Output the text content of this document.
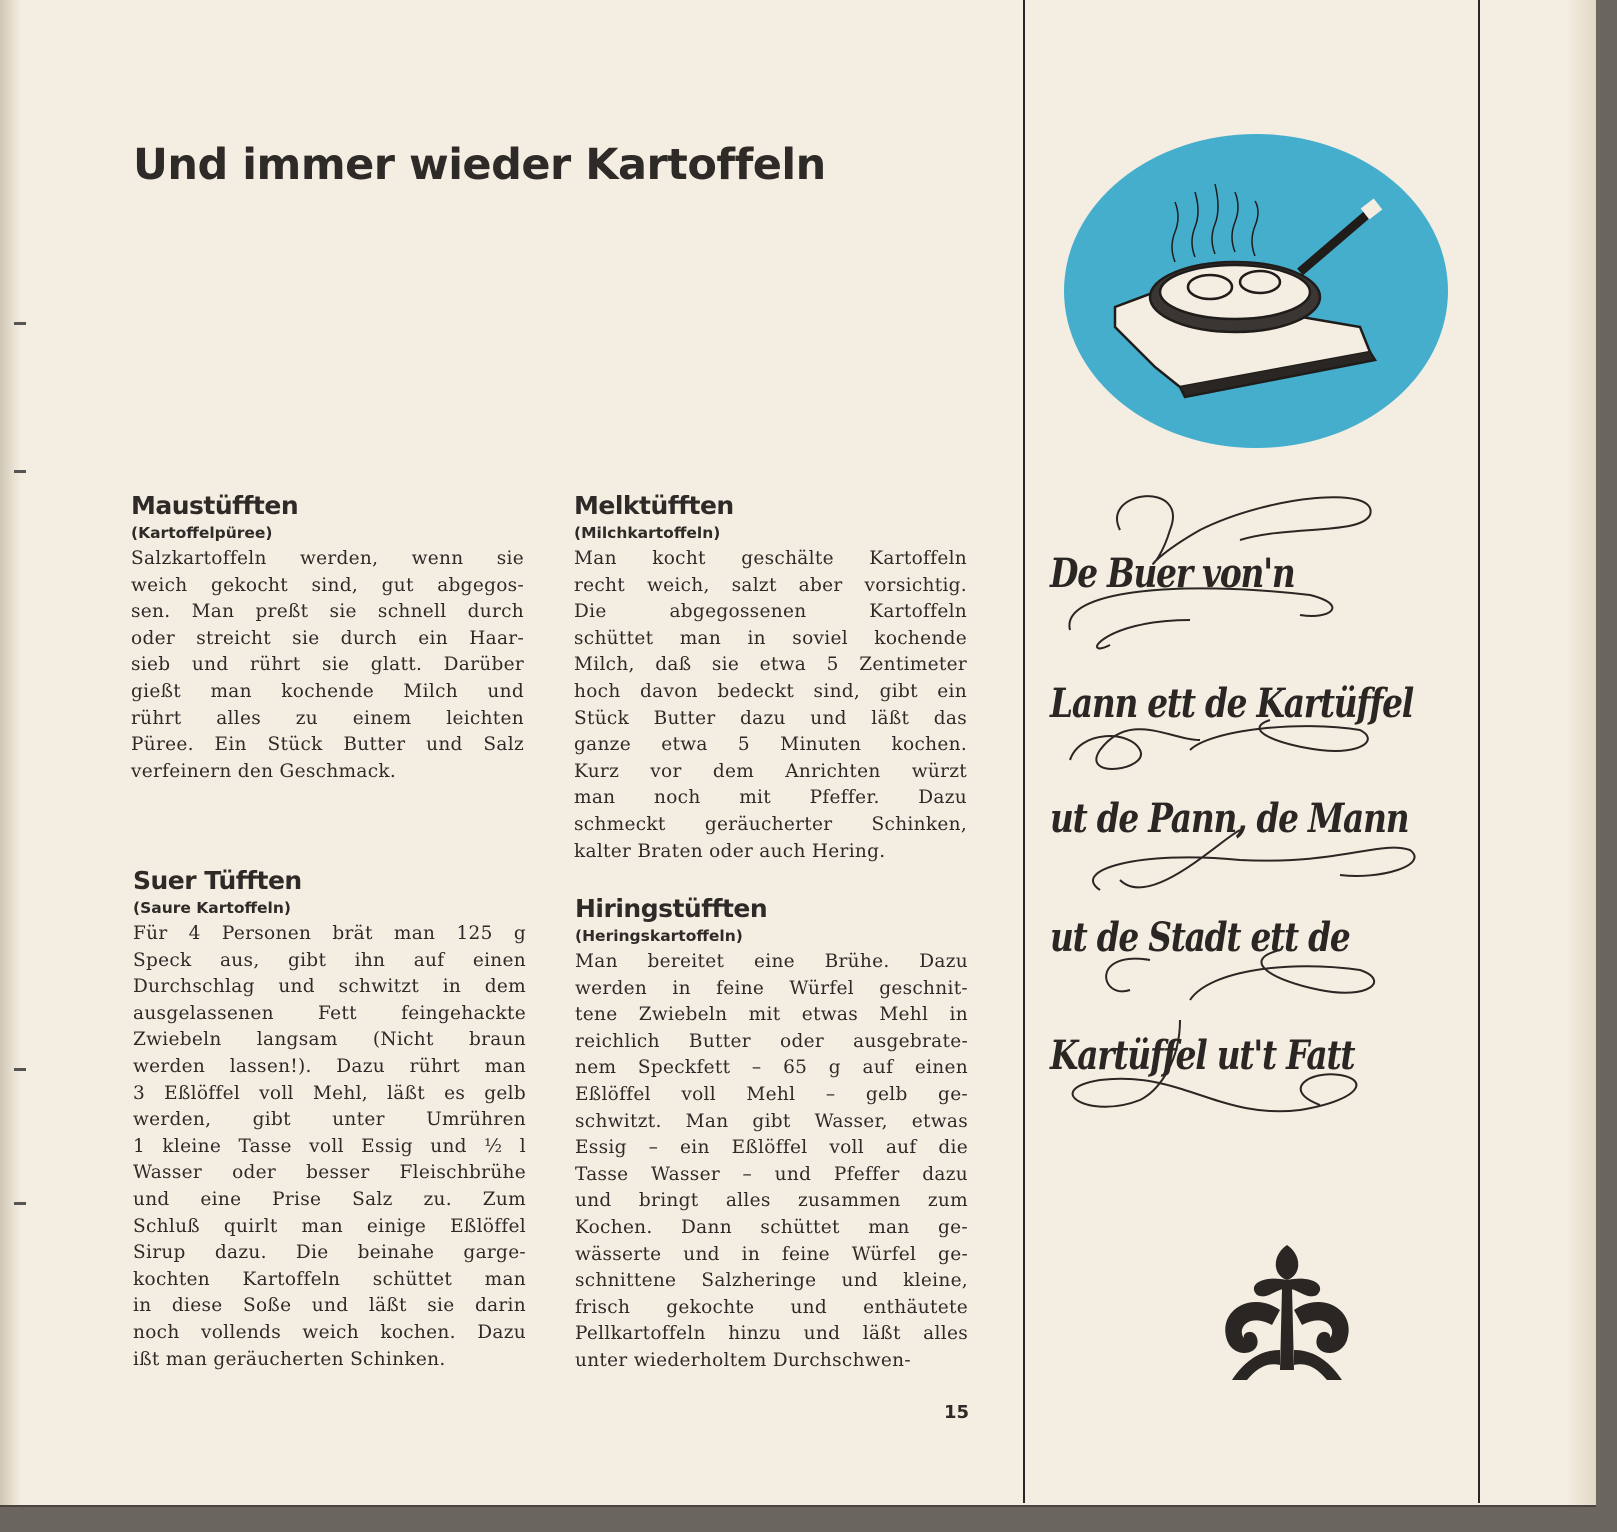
Und immer wieder Kartoffeln
Maustüfften
(Kartoffelpüree)
Salzkartoffeln werden, wenn sie
weich gekocht sind, gut abgegos-
sen. Man preßt sie schnell durch
oder streicht sie durch ein Haar-
sieb und rührt sie glatt. Darüber
gießt man kochende Milch und
rührt alles zu einem leichten
Püree. Ein Stück Butter und Salz
verfeinern den Geschmack.
Suer Tüfften
(Saure Kartoffeln)
Für 4 Personen brät man 125 g
Speck aus, gibt ihn auf einen
Durchschlag und schwitzt in dem
ausgelassenen Fett feingehackte
Zwiebeln langsam (Nicht braun
werden lassen!). Dazu rührt man
3 Eßlöffel voll Mehl, läßt es gelb
werden, gibt unter Umrühren
1 kleine Tasse voll Essig und ½ l
Wasser oder besser Fleischbrühe
und eine Prise Salz zu. Zum
Schluß quirlt man einige Eßlöffel
Sirup dazu. Die beinahe garge-
kochten Kartoffeln schüttet man
in diese Soße und läßt sie darin
noch vollends weich kochen. Dazu
ißt man geräucherten Schinken.
Melktüfften
(Milchkartoffeln)
Man kocht geschälte Kartoffeln
recht weich, salzt aber vorsichtig.
Die abgegossenen Kartoffeln
schüttet man in soviel kochende
Milch, daß sie etwa 5 Zentimeter
hoch davon bedeckt sind, gibt ein
Stück Butter dazu und läßt das
ganze etwa 5 Minuten kochen.
Kurz vor dem Anrichten würzt
man noch mit Pfeffer. Dazu
schmeckt geräucherter Schinken,
kalter Braten oder auch Hering.
Hiringstüfften
(Heringskartoffeln)
Man bereitet eine Brühe. Dazu
werden in feine Würfel geschnit-
tene Zwiebeln mit etwas Mehl in
reichlich Butter oder ausgebrate-
nem Speckfett – 65 g auf einen
Eßlöffel voll Mehl – gelb ge-
schwitzt. Man gibt Wasser, etwas
Essig – ein Eßlöffel voll auf die
Tasse Wasser – und Pfeffer dazu
und bringt alles zusammen zum
Kochen. Dann schüttet man ge-
wässerte und in feine Würfel ge-
schnittene Salzheringe und kleine,
frisch gekochte und enthäutete
Pellkartoffeln hinzu und läßt alles
unter wiederholtem Durchschwen-
15
De Buer von'n
Lann ett de Kartüffel
ut de Pann, de Mann
ut de Stadt ett de
Kartüffel ut't Fatt
